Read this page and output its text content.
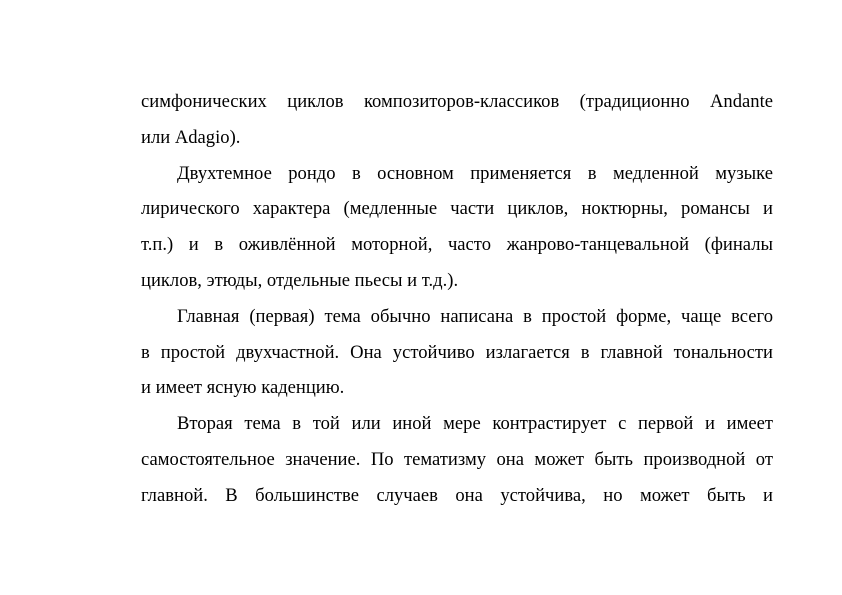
симфонических циклов композиторов-классиков (традиционно Andante
или Adagio).
Двухтемное рондо в основном применяется в медленной музыке
лирического характера (медленные части циклов, ноктюрны, романсы и
т.п.) и в оживлённой моторной, часто жанрово-танцевальной (финалы
циклов, этюды, отдельные пьесы и т.д.).
Главная (первая) тема обычно написана в простой форме, чаще всего
в простой двухчастной. Она устойчиво излагается в главной тональности
и имеет ясную каденцию.
Вторая тема в той или иной мере контрастирует с первой и имеет
самостоятельное значение. По тематизму она может быть производной от
главной. В большинстве случаев она устойчива, но может быть и
